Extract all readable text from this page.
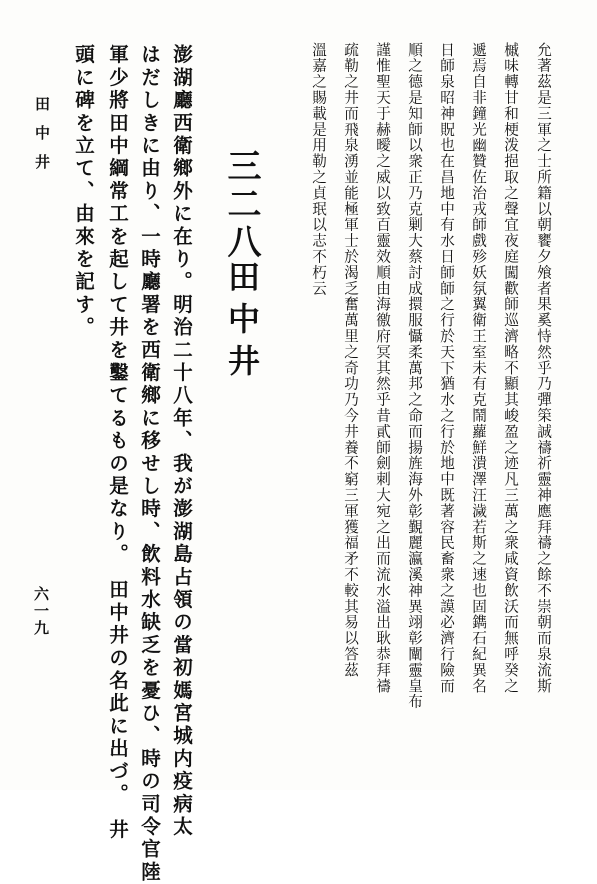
允著茲是三軍之士所籍以朝饔夕飧者果奚恃然乎乃彈筞誠禱祈靈神應拜禱之餘不崇朝而泉流斯
槭味轉甘和梗泼挹取之聲宜夜庭闖歡師巡濟略不顯其峻盈之迹凡三萬之衆咸資飲沃而無呼癸之
遞焉自非鐘光幽贊佐治戎師戲殄妖氛翼衛王室未有克鬧蘿鮮潰澤汪濊若斯之速也固鐫石紀異名
日師泉昭神貺也在昌地中有水日師師之行於天下猶水之行於地中既著容民畜衆之謨必濟行險而
順之德是知師以衆正乃克剿大蔡討成擐服懾柔萬邦之命而揚旌海外彰覲麗瀛溪神異翊彰闡靈皇布
謹惟聖天于赫曖之威以致百靈效順由海徼府冥其然乎昔貳師劍刺大宛之出而流水溢出耿恭拜禱
疏勒之井而飛泉湧並能極軍士於渴乏奮萬里之奇功乃今井養不窮三軍獲福矛不較其易以答茲
溫嘉之賜載是用勒之貞珉以志不朽云
三二八
田中井
澎湖廳西衛鄉外に在り。明治二十八年、我が澎湖島占領の當初媽宮城内疫病太
はだしきに由り、一時廳署を西衛鄉に移せし時、飲料水缺乏を憂ひ、時の司令官陸
軍少將田中綱常工を起して井を鑿てるもの是なり。　田中井の名此に出づ。　井
頭に碑を立て、由來を記す。
田中井
六一九
